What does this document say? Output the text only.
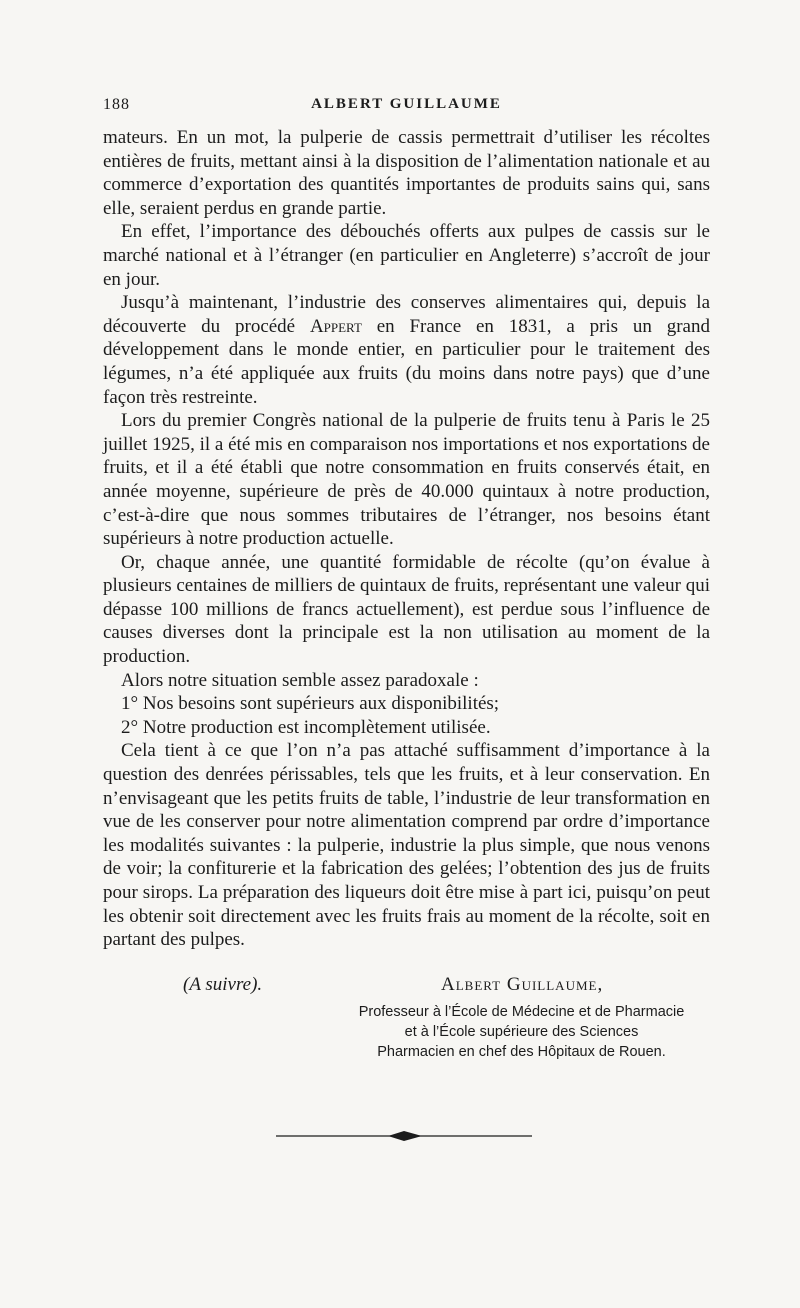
188	ALBERT GUILLAUME

mateurs. En un mot, la pulperie de cassis permettrait d’utiliser les récoltes entières de fruits, mettant ainsi à la disposition de l’alimentation nationale et au commerce d’exportation des quantités importantes de produits sains qui, sans elle, seraient perdus en grande partie.

En effet, l’importance des débouchés offerts aux pulpes de cassis sur le marché national et à l’étranger (en particulier en Angleterre) s’accroît de jour en jour.

Jusqu’à maintenant, l’industrie des conserves alimentaires qui, depuis la découverte du procédé Appert en France en 1831, a pris un grand développement dans le monde entier, en particulier pour le traitement des légumes, n’a été appliquée aux fruits (du moins dans notre pays) que d’une façon très restreinte.

Lors du premier Congrès national de la pulperie de fruits tenu à Paris le 25 juillet 1925, il a été mis en comparaison nos importations et nos exportations de fruits, et il a été établi que notre consommation en fruits conservés était, en année moyenne, supérieure de près de 40.000 quintaux à notre production, c’est-à-dire que nous sommes tributaires de l’étranger, nos besoins étant supérieurs à notre production actuelle.

Or, chaque année, une quantité formidable de récolte (qu’on évalue à plusieurs centaines de milliers de quintaux de fruits, représentant une valeur qui dépasse 100 millions de francs actuellement), est perdue sous l’influence de causes diverses dont la principale est la non utilisation au moment de la production.

Alors notre situation semble assez paradoxale :

1° Nos besoins sont supérieurs aux disponibilités;

2° Notre production est incomplètement utilisée.

Cela tient à ce que l’on n’a pas attaché suffisamment d’importance à la question des denrées périssables, tels que les fruits, et à leur conservation. En n’envisageant que les petits fruits de table, l’industrie de leur transformation en vue de les conserver pour notre alimentation comprend par ordre d’importance les modalités suivantes : la pulperie, industrie la plus simple, que nous venons de voir; la confiturerie et la fabrication des gelées; l’obtention des jus de fruits pour sirops. La préparation des liqueurs doit être mise à part ici, puisqu’on peut les obtenir soit directement avec les fruits frais au moment de la récolte, soit en partant des pulpes.

(A suivre).	Albert Guillaume,
Professeur à l’École de Médecine et de Pharmacie
et à l’École supérieure des Sciences
Pharmacien en chef des Hôpitaux de Rouen.
